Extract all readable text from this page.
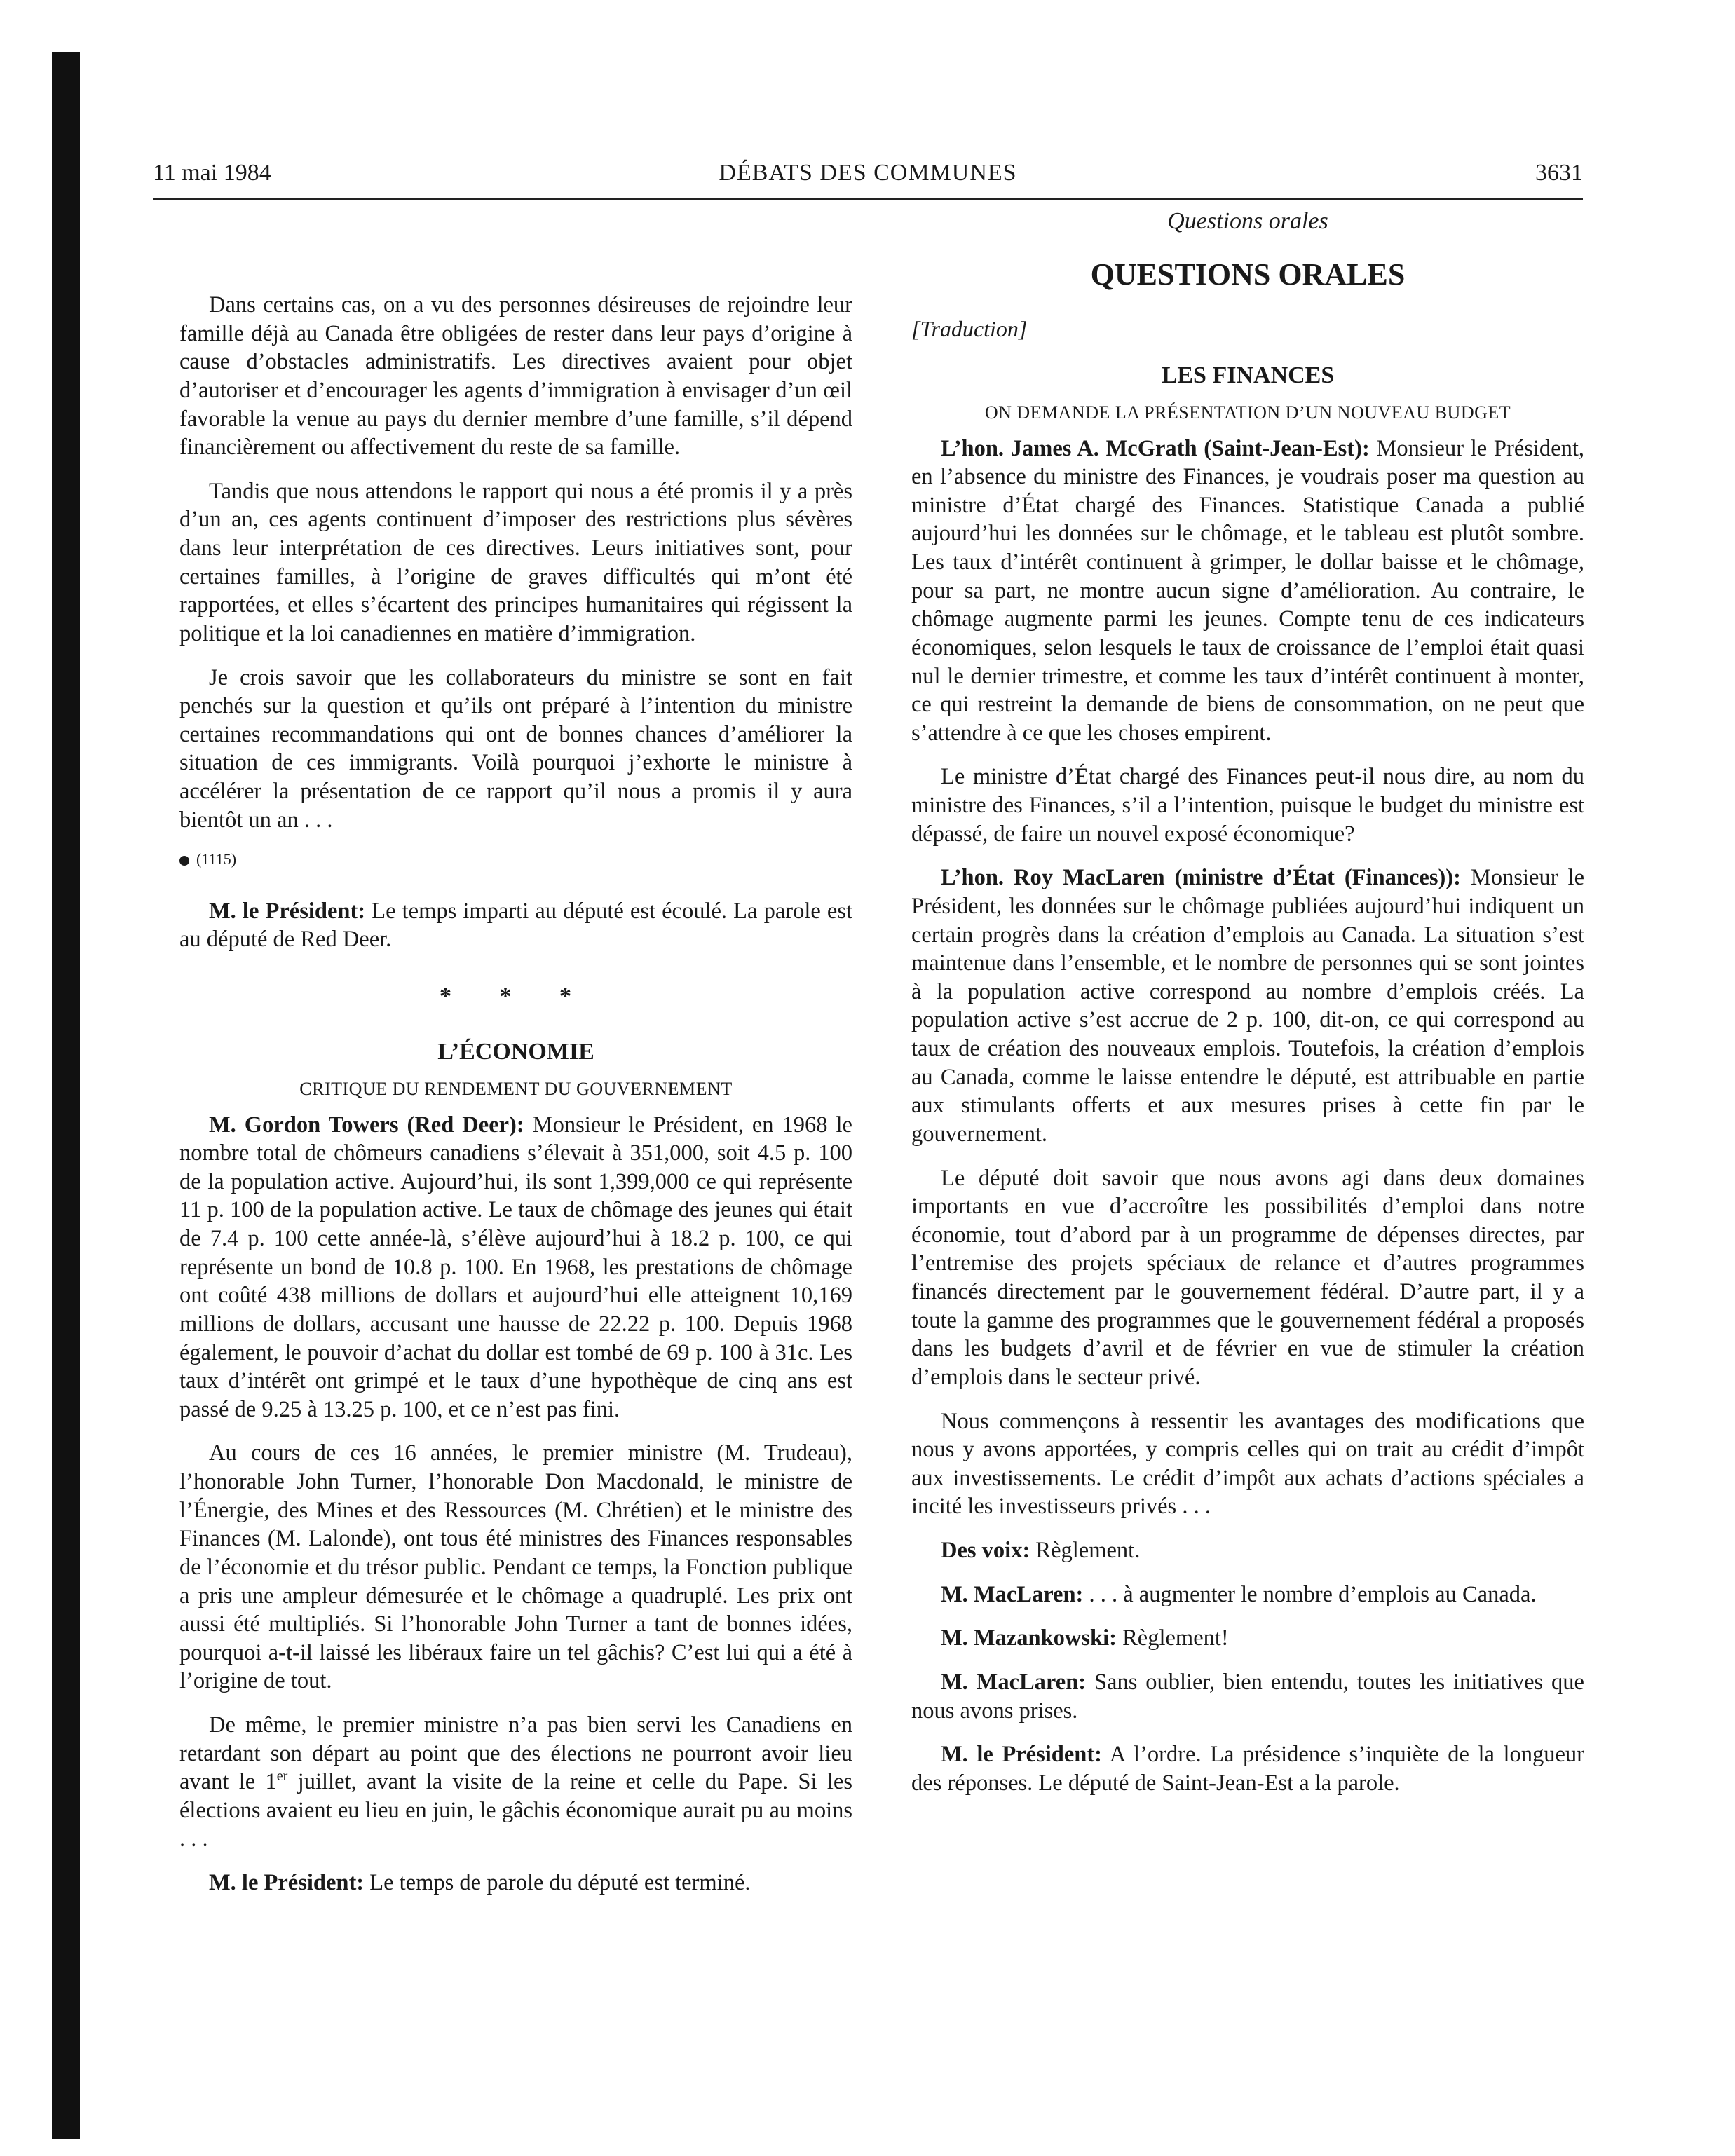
11 mai 1984	DÉBATS DES COMMUNES	3631

Dans certains cas, on a vu des personnes désireuses de rejoindre leur famille déjà au Canada être obligées de rester dans leur pays d’origine à cause d’obstacles administratifs. Les directives avaient pour objet d’autoriser et d’encourager les agents d’immigration à envisager d’un œil favorable la venue au pays du dernier membre d’une famille, s’il dépend financièrement ou affectivement du reste de sa famille.

Tandis que nous attendons le rapport qui nous a été promis il y a près d’un an, ces agents continuent d’imposer des restrictions plus sévères dans leur interprétation de ces directives. Leurs initiatives sont, pour certaines familles, à l’origine de graves difficultés qui m’ont été rapportées, et elles s’écartent des principes humanitaires qui régissent la politique et la loi canadiennes en matière d’immigration.

Je crois savoir que les collaborateurs du ministre se sont en fait penchés sur la question et qu’ils ont préparé à l’intention du ministre certaines recommandations qui ont de bonnes chances d’améliorer la situation de ces immigrants. Voilà pourquoi j’exhorte le ministre à accélérer la présentation de ce rapport qu’il nous a promis il y aura bientôt un an . . .

(1115)

M. le Président: Le temps imparti au député est écoulé. La parole est au député de Red Deer.

* * *
L’ÉCONOMIE
CRITIQUE DU RENDEMENT DU GOUVERNEMENT

M. Gordon Towers (Red Deer): Monsieur le Président, en 1968 le nombre total de chômeurs canadiens s’élevait à 351,000, soit 4.5 p. 100 de la population active. Aujourd’hui, ils sont 1,399,000 ce qui représente 11 p. 100 de la population active. Le taux de chômage des jeunes qui était de 7.4 p. 100 cette année-là, s’élève aujourd’hui à 18.2 p. 100, ce qui représente un bond de 10.8 p. 100. En 1968, les prestations de chômage ont coûté 438 millions de dollars et aujourd’hui elle atteignent 10,169 millions de dollars, accusant une hausse de 22.22 p. 100. Depuis 1968 également, le pouvoir d’achat du dollar est tombé de 69 p. 100 à 31c. Les taux d’intérêt ont grimpé et le taux d’une hypothèque de cinq ans est passé de 9.25 à 13.25 p. 100, et ce n’est pas fini.

Au cours de ces 16 années, le premier ministre (M. Trudeau), l’honorable John Turner, l’honorable Don Macdonald, le ministre de l’Énergie, des Mines et des Ressources (M. Chrétien) et le ministre des Finances (M. Lalonde), ont tous été ministres des Finances responsables de l’économie et du trésor public. Pendant ce temps, la Fonction publique a pris une ampleur démesurée et le chômage a quadruplé. Les prix ont aussi été multipliés. Si l’honorable John Turner a tant de bonnes idées, pourquoi a-t-il laissé les libéraux faire un tel gâchis? C’est lui qui a été à l’origine de tout.

De même, le premier ministre n’a pas bien servi les Canadiens en retardant son départ au point que des élections ne pourront avoir lieu avant le 1er juillet, avant la visite de la reine et celle du Pape. Si les élections avaient eu lieu en juin, le gâchis économique aurait pu au moins . . .

M. le Président: Le temps de parole du député est terminé.

Questions orales
QUESTIONS ORALES
[Traduction]
LES FINANCES
ON DEMANDE LA PRÉSENTATION D’UN NOUVEAU BUDGET

L’hon. James A. McGrath (Saint-Jean-Est): Monsieur le Président, en l’absence du ministre des Finances, je voudrais poser ma question au ministre d’État chargé des Finances. Statistique Canada a publié aujourd’hui les données sur le chômage, et le tableau est plutôt sombre. Les taux d’intérêt continuent à grimper, le dollar baisse et le chômage, pour sa part, ne montre aucun signe d’amélioration. Au contraire, le chômage augmente parmi les jeunes. Compte tenu de ces indicateurs économiques, selon lesquels le taux de croissance de l’emploi était quasi nul le dernier trimestre, et comme les taux d’intérêt continuent à monter, ce qui restreint la demande de biens de consommation, on ne peut que s’attendre à ce que les choses empirent.

Le ministre d’État chargé des Finances peut-il nous dire, au nom du ministre des Finances, s’il a l’intention, puisque le budget du ministre est dépassé, de faire un nouvel exposé économique?

L’hon. Roy MacLaren (ministre d’État (Finances)): Monsieur le Président, les données sur le chômage publiées aujourd’hui indiquent un certain progrès dans la création d’emplois au Canada. La situation s’est maintenue dans l’ensemble, et le nombre de personnes qui se sont jointes à la population active correspond au nombre d’emplois créés. La population active s’est accrue de 2 p. 100, dit-on, ce qui correspond au taux de création des nouveaux emplois. Toutefois, la création d’emplois au Canada, comme le laisse entendre le député, est attribuable en partie aux stimulants offerts et aux mesures prises à cette fin par le gouvernement.

Le député doit savoir que nous avons agi dans deux domaines importants en vue d’accroître les possibilités d’emploi dans notre économie, tout d’abord par à un programme de dépenses directes, par l’entremise des projets spéciaux de relance et d’autres programmes financés directement par le gouvernement fédéral. D’autre part, il y a toute la gamme des programmes que le gouvernement fédéral a proposés dans les budgets d’avril et de février en vue de stimuler la création d’emplois dans le secteur privé.

Nous commençons à ressentir les avantages des modifications que nous y avons apportées, y compris celles qui on trait au crédit d’impôt aux investissements. Le crédit d’impôt aux achats d’actions spéciales a incité les investisseurs privés . . .

Des voix: Règlement.

M. MacLaren: . . . à augmenter le nombre d’emplois au Canada.

M. Mazankowski: Règlement!

M. MacLaren: Sans oublier, bien entendu, toutes les initiatives que nous avons prises.

M. le Président: A l’ordre. La présidence s’inquiète de la longueur des réponses. Le député de Saint-Jean-Est a la parole.
